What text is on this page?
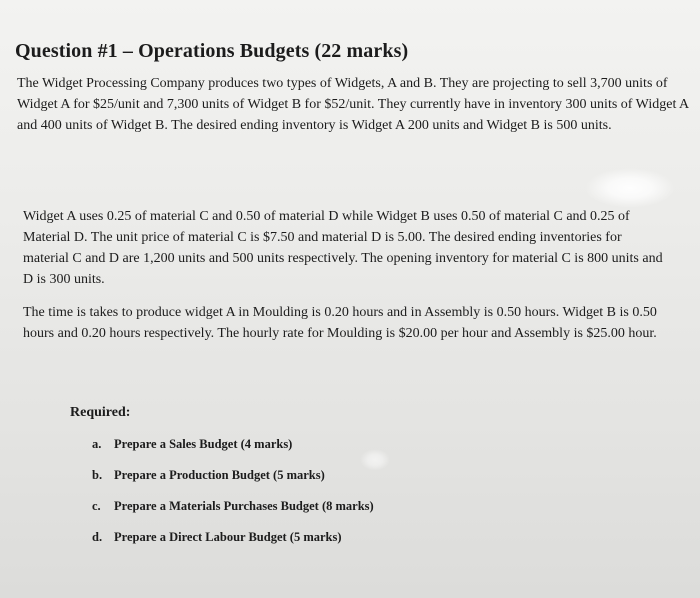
Question #1 – Operations Budgets (22 marks)

The Widget Processing Company produces two types of Widgets, A and B. They are projecting to sell 3,700 units of Widget A for $25/unit and 7,300 units of Widget B for $52/unit. They currently have in inventory 300 units of Widget A and 400 units of Widget B. The desired ending inventory is Widget A 200 units and Widget B is 500 units.

Widget A uses 0.25 of material C and 0.50 of material D while Widget B uses 0.50 of material C and 0.25 of Material D. The unit price of material C is $7.50 and material D is 5.00. The desired ending inventories for material C and D are 1,200 units and 500 units respectively. The opening inventory for material C is 800 units and D is 300 units.

The time is takes to produce widget A in Moulding is 0.20 hours and in Assembly is 0.50 hours. Widget B is 0.50 hours and 0.20 hours respectively. The hourly rate for Moulding is $20.00 per hour and Assembly is $25.00 hour.

Required:
a. Prepare a Sales Budget (4 marks)
b. Prepare a Production Budget (5 marks)
c. Prepare a Materials Purchases Budget (8 marks)
d. Prepare a Direct Labour Budget (5 marks)
